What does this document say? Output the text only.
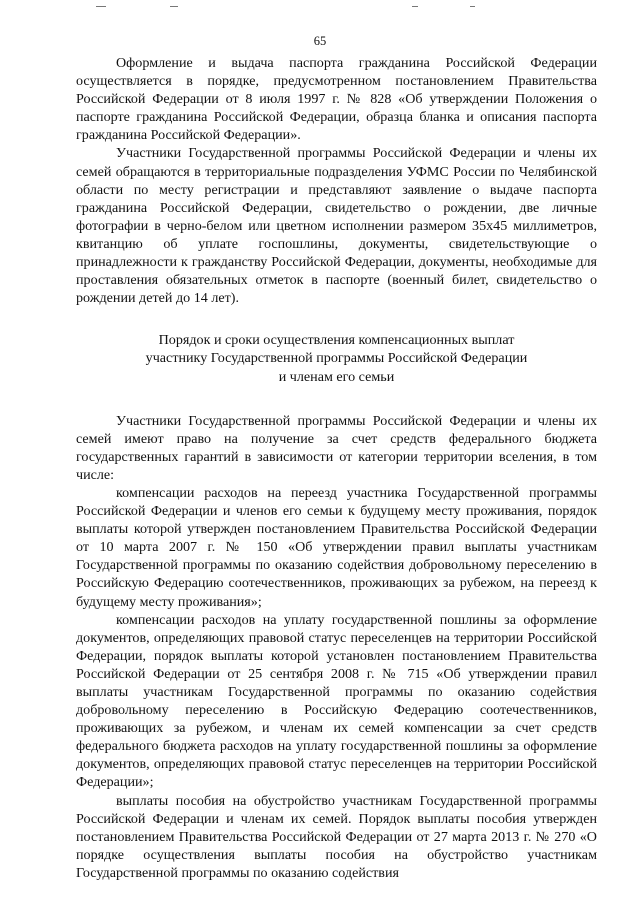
65

Оформление и выдача паспорта гражданина Российской Федерации осуществляется в порядке, предусмотренном постановлением Правительства Российской Федерации от 8 июля 1997 г. № 828 «Об утверждении Положения о паспорте гражданина Российской Федерации, образца бланка и описания паспорта гражданина Российской Федерации».

Участники Государственной программы Российской Федерации и члены их семей обращаются в территориальные подразделения УФМС России по Челябинской области по месту регистрации и представляют заявление о выдаче паспорта гражданина Российской Федерации, свидетельство о рождении, две личные фотографии в черно-белом или цветном исполнении размером 35х45 миллиметров, квитанцию об уплате госпошлины, документы, свидетельствующие о принадлежности к гражданству Российской Федерации, документы, необходимые для проставления обязательных отметок в паспорте (военный билет, свидетельство о рождении детей до 14 лет).

Порядок и сроки осуществления компенсационных выплат

участнику Государственной программы Российской Федерации

и членам его семьи

Участники Государственной программы Российской Федерации и члены их семей имеют право на получение за счет средств федерального бюджета государственных гарантий в зависимости от категории территории вселения, в том числе:

компенсации расходов на переезд участника Государственной программы Российской Федерации и членов его семьи к будущему месту проживания, порядок выплаты которой утвержден постановлением Правительства Российской Федерации от 10 марта 2007 г. № 150 «Об утверждении правил выплаты участникам Государственной программы по оказанию содействия добровольному переселению в Российскую Федерацию соотечественников, проживающих за рубежом, на переезд к будущему месту проживания»;

компенсации расходов на уплату государственной пошлины за оформление документов, определяющих правовой статус переселенцев на территории Российской Федерации, порядок выплаты которой установлен постановлением Правительства Российской Федерации от 25 сентября 2008 г. № 715 «Об утверждении правил выплаты участникам Государственной программы по оказанию содействия добровольному переселению в Российскую Федерацию соотечественников, проживающих за рубежом, и членам их семей компенсации за счет средств федерального бюджета расходов на уплату государственной пошлины за оформление документов, определяющих правовой статус переселенцев на территории Российской Федерации»;

выплаты пособия на обустройство участникам Государственной программы Российской Федерации и членам их семей. Порядок выплаты пособия утвержден постановлением Правительства Российской Федерации от 27 марта 2013 г. № 270 «О порядке осуществления выплаты пособия на обустройство участникам Государственной программы по оказанию содействия
